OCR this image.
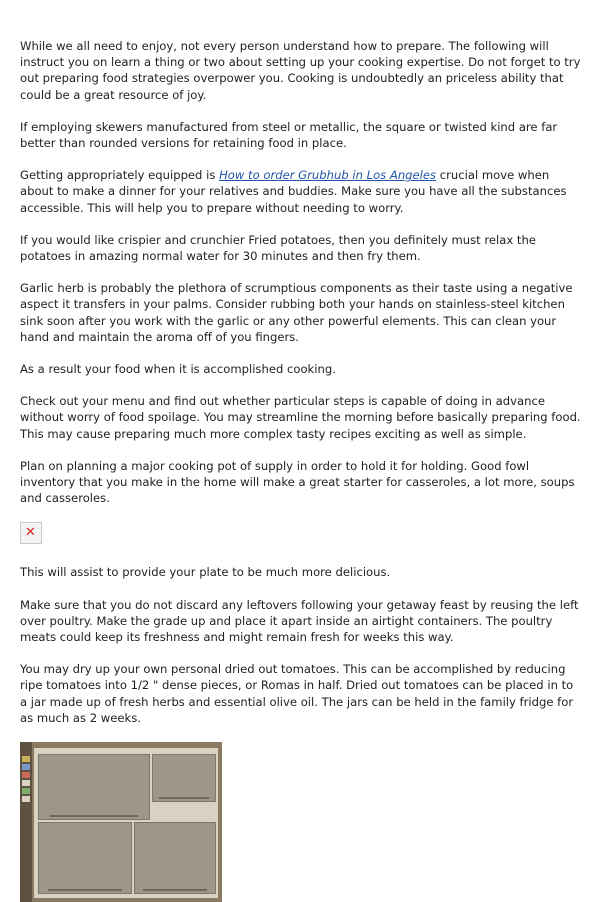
While we all need to enjoy, not every person understand how to prepare. The following will instruct you on learn a thing or two about setting up your cooking expertise. Do not forget to try out preparing food strategies overpower you. Cooking is undoubtedly an priceless ability that could be a great resource of joy.

If employing skewers manufactured from steel or metallic, the square or twisted kind are far better than rounded versions for retaining food in place.

Getting appropriately equipped is How to order Grubhub in Los Angeles crucial move when about to make a dinner for your relatives and buddies. Make sure you have all the substances accessible. This will help you to prepare without needing to worry.

If you would like crispier and crunchier Fried potatoes, then you definitely must relax the potatoes in amazing normal water for 30 minutes and then fry them.

Garlic herb is probably the plethora of scrumptious components as their taste using a negative aspect it transfers in your palms. Consider rubbing both your hands on stainless-steel kitchen sink soon after you work with the garlic or any other powerful elements. This can clean your hand and maintain the aroma off of you fingers.

As a result your food when it is accomplished cooking.

Check out your menu and find out whether particular steps is capable of doing in advance without worry of food spoilage. You may streamline the morning before basically preparing food. This may cause preparing much more complex tasty recipes exciting as well as simple.

Plan on planning a major cooking pot of supply in order to hold it for holding. Good fowl inventory that you make in the home will make a great starter for casseroles, a lot more, soups and casseroles.

✕

This will assist to provide your plate to be much more delicious.

Make sure that you do not discard any leftovers following your getaway feast by reusing the left over poultry. Make the grade up and place it apart inside an airtight containers. The poultry meats could keep its freshness and might remain fresh for weeks this way.

You may dry up your own personal dried out tomatoes. This can be accomplished by reducing ripe tomatoes into 1/2 " dense pieces, or Romas in half. Dried out tomatoes can be placed in to a jar made up of fresh herbs and essential olive oil. The jars can be held in the family fridge for as much as 2 weeks.
